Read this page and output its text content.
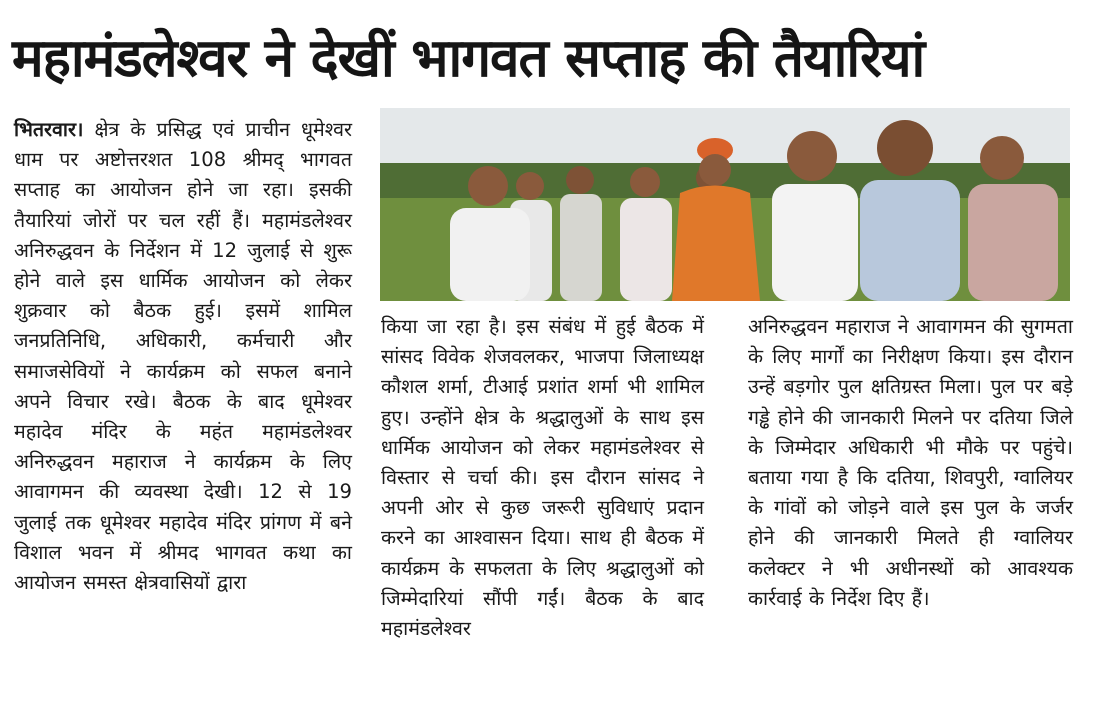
महामंडलेश्वर ने देखीं भागवत सप्ताह की तैयारियां
भितरवार। क्षेत्र के प्रसिद्ध एवं प्राचीन धूमेश्वर धाम पर अष्टोत्तरशत 108 श्रीमद् भागवत सप्ताह का आयोजन होने जा रहा। इसकी तैयारियां जोरों पर चल रहीं हैं। महामंडलेश्वर अनिरुद्धवन के निर्देशन में 12 जुलाई से शुरू होने वाले इस धार्मिक आयोजन को लेकर शुक्रवार को बैठक हुई। इसमें शामिल जनप्रतिनिधि, अधिकारी, कर्मचारी और समाजसेवियों ने कार्यक्रम को सफल बनाने अपने विचार रखे। बैठक के बाद धूमेश्वर महादेव मंदिर के महंत महामंडलेश्वर अनिरुद्धवन महाराज ने कार्यक्रम के लिए आवागमन की व्यवस्था देखी। 12 से 19 जुलाई तक धूमेश्वर महादेव मंदिर प्रांगण में बने विशाल भवन में श्रीमद भागवत कथा का आयोजन समस्त क्षेत्रवासियों द्वारा
किया जा रहा है। इस संबंध में हुई बैठक में सांसद विवेक शेजवलकर, भाजपा जिलाध्यक्ष कौशल शर्मा, टीआई प्रशांत शर्मा भी शामिल हुए। उन्होंने क्षेत्र के श्रद्धालुओं के साथ इस धार्मिक आयोजन को लेकर महामंडलेश्वर से विस्तार से चर्चा की। इस दौरान सांसद ने अपनी ओर से कुछ जरूरी सुविधाएं प्रदान करने का आश्वासन दिया। साथ ही बैठक में कार्यक्रम के सफलता के लिए श्रद्धालुओं को जिम्मेदारियां सौंपी गईं। बैठक के बाद महामंडलेश्वर
अनिरुद्धवन महाराज ने आवागमन की सुगमता के लिए मार्गों का निरीक्षण किया। इस दौरान उन्हें बड़गोर पुल क्षतिग्रस्त मिला। पुल पर बड़े गड्ढे होने की जानकारी मिलने पर दतिया जिले के जिम्मेदार अधिकारी भी मौके पर पहुंचे। बताया गया है कि दतिया, शिवपुरी, ग्वालियर के गांवों को जोड़ने वाले इस पुल के जर्जर होने की जानकारी मिलते ही ग्वालियर कलेक्टर ने भी अधीनस्थों को आवश्यक कार्रवाई के निर्देश दिए हैं।
